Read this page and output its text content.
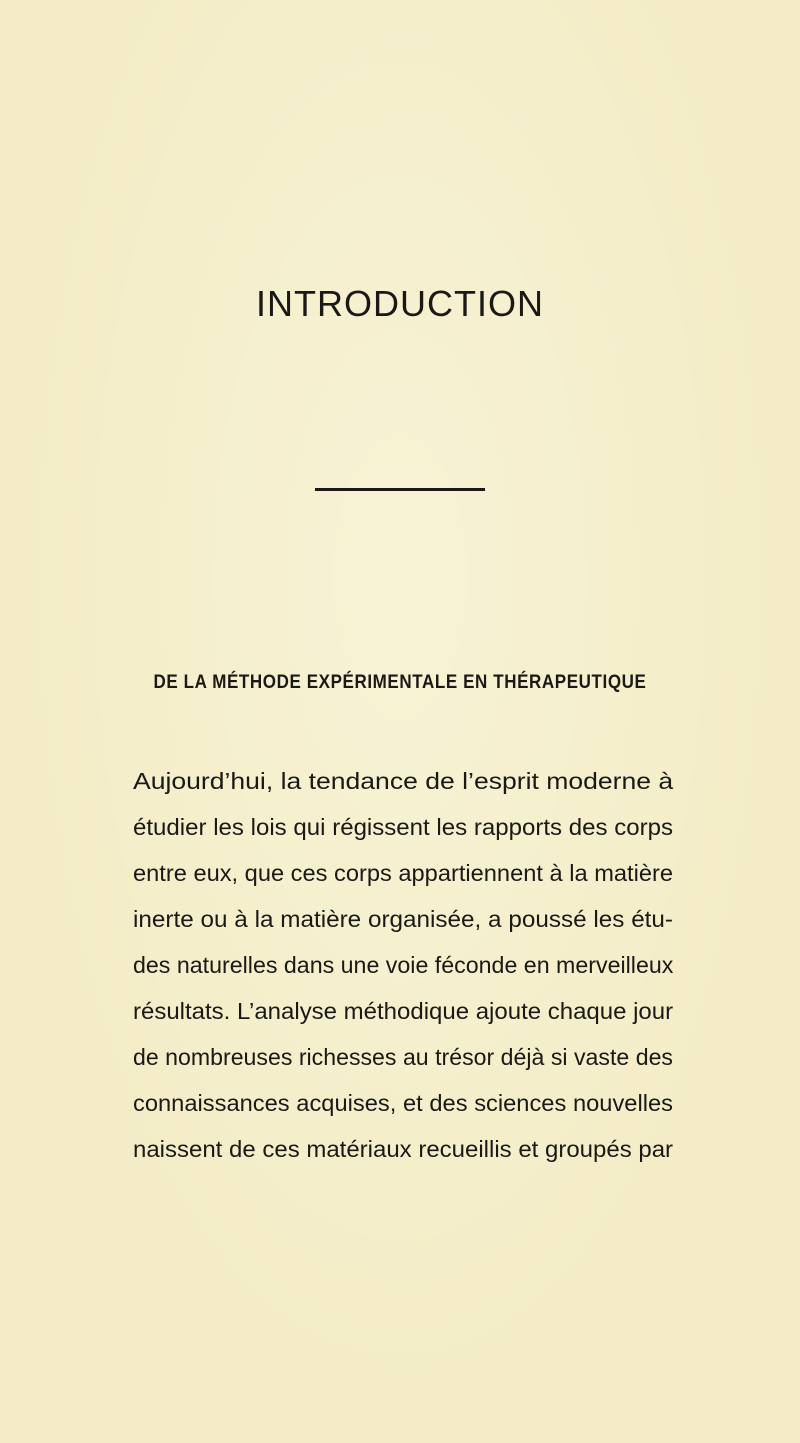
INTRODUCTION
DE LA MÉTHODE EXPÉRIMENTALE EN THÉRAPEUTIQUE
Aujourd’hui, la tendance de l’esprit moderne à
étudier les lois qui régissent les rapports des corps
entre eux, que ces corps appartiennent à la matière
inerte ou à la matière organisée, a poussé les étu-
des naturelles dans une voie féconde en merveilleux
résultats. L’analyse méthodique ajoute chaque jour
de nombreuses richesses au trésor déjà si vaste des
connaissances acquises, et des sciences nouvelles
naissent de ces matériaux recueillis et groupés par
